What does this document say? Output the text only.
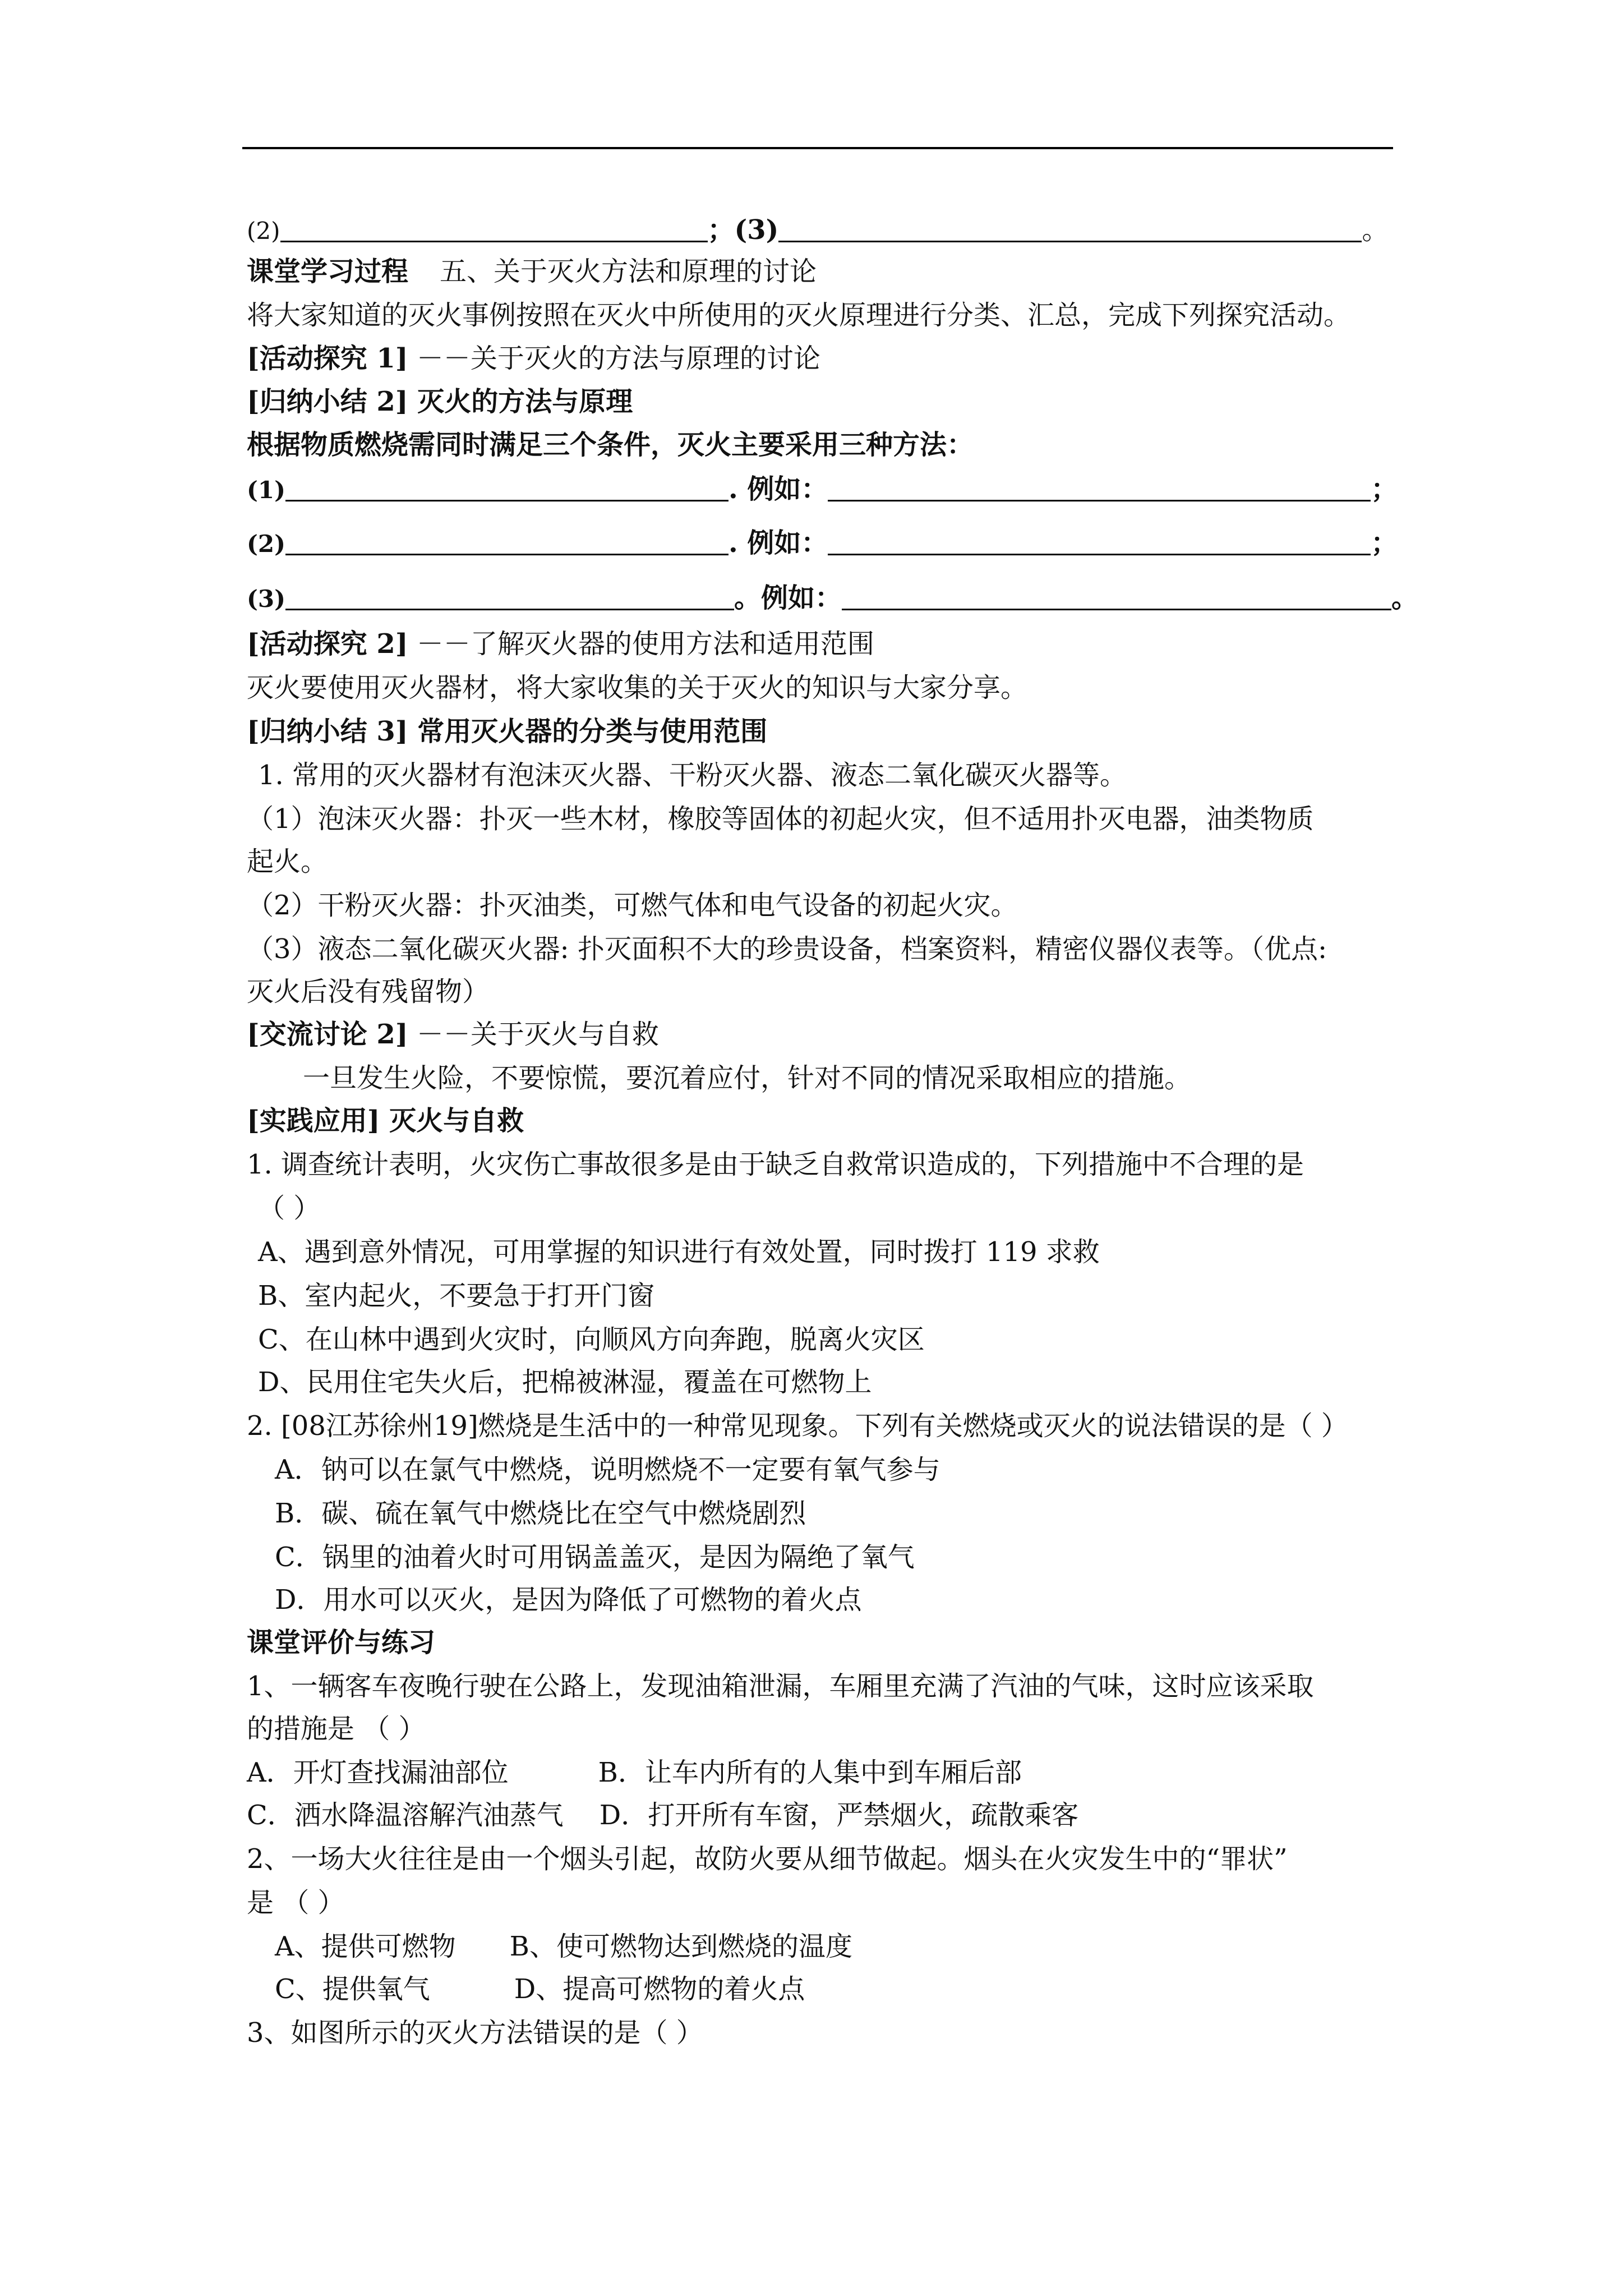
(2)	；(3)	。
课堂学习过程 五、关于灭火方法和原理的讨论
将大家知道的灭火事例按照在灭火中所使用的灭火原理进行分类、汇总，完成下列探究活动。
[活动探究 1] －－关于灭火的方法与原理的讨论
[归纳小结 2] 灭火的方法与原理
根据物质燃烧需同时满足三个条件，灭火主要采用三种方法：
(1)	. 例如：	；
(2)	. 例如：	；
(3)	。例如：	。
[活动探究 2] －－了解灭火器的使用方法和适用范围
灭火要使用灭火器材，将大家收集的关于灭火的知识与大家分享。
[归纳小结 3] 常用灭火器的分类与使用范围
1. 常用的灭火器材有泡沫灭火器、干粉灭火器、液态二氧化碳灭火器等。
（1）泡沫灭火器：扑灭一些木材，橡胶等固体的初起火灾，但不适用扑灭电器，油类物质
起火。
（2）干粉灭火器：扑灭油类，可燃气体和电气设备的初起火灾。
（3）液态二氧化碳灭火器: 扑灭面积不大的珍贵设备，档案资料，精密仪器仪表等。（优点:
灭火后没有残留物）
[交流讨论 2] －－关于灭火与自救
一旦发生火险，不要惊慌，要沉着应付，针对不同的情况采取相应的措施。
[实践应用] 灭火与自救
1. 调查统计表明，火灾伤亡事故很多是由于缺乏自救常识造成的，下列措施中不合理的是
（ ）
A、遇到意外情况，可用掌握的知识进行有效处置，同时拨打 119 求救
B、室内起火，不要急于打开门窗
C、在山林中遇到火灾时，向顺风方向奔跑，脱离火灾区
D、民用住宅失火后，把棉被淋湿，覆盖在可燃物上
2. [08江苏徐州19]燃烧是生活中的一种常见现象。下列有关燃烧或灭火的说法错误的是（ ）
A．钠可以在氯气中燃烧，说明燃烧不一定要有氧气参与
B．碳、硫在氧气中燃烧比在空气中燃烧剧烈
C．锅里的油着火时可用锅盖盖灭，是因为隔绝了氧气
D．用水可以灭火，是因为降低了可燃物的着火点
课堂评价与练习
1、一辆客车夜晚行驶在公路上，发现油箱泄漏，车厢里充满了汽油的气味，这时应该采取
的措施是 （ ）
A．开灯查找漏油部位	B．让车内所有的人集中到车厢后部
C．洒水降温溶解汽油蒸气 D．打开所有车窗，严禁烟火，疏散乘客
2、一场大火往往是由一个烟头引起，故防火要从细节做起。烟头在火灾发生中的“罪状”
是 （ ）
A、提供可燃物 B、使可燃物达到燃烧的温度
C、提供氧气	D、提高可燃物的着火点
3、如图所示的灭火方法错误的是（ ）
